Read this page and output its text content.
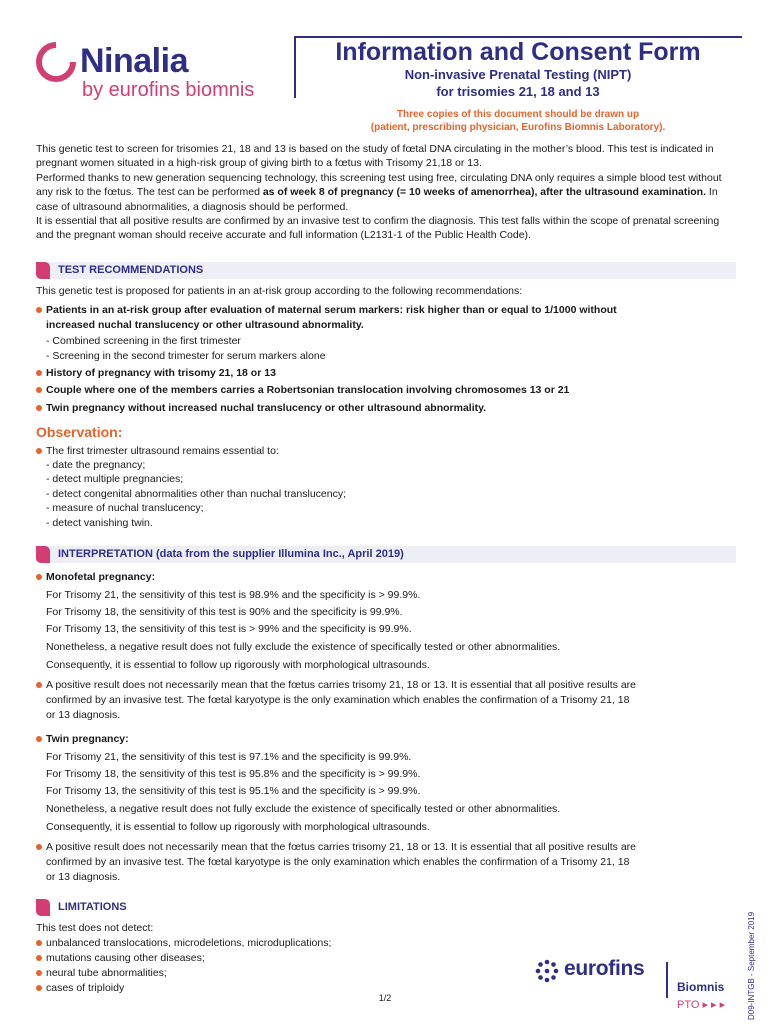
Ninalia
by eurofins biomnis
Information and Consent Form
Non-invasive Prenatal Testing (NIPT)
for trisomies 21, 18 and 13
Three copies of this document should be drawn up
(patient, prescribing physician, Eurofins Biomnis Laboratory).
This genetic test to screen for trisomies 21, 18 and 13 is based on the study of fœtal DNA circulating in the mother’s blood. This test is indicated in pregnant women situated in a high-risk group of giving birth to a fœtus with Trisomy 21,18 or 13.
Performed thanks to new generation sequencing technology, this screening test using free, circulating DNA only requires a simple blood test without any risk to the fœtus. The test can be performed as of week 8 of pregnancy (= 10 weeks of amenorrhea), after the ultrasound examination. In case of ultrasound abnormalities, a diagnosis should be performed.
It is essential that all positive results are confirmed by an invasive test to confirm the diagnosis. This test falls within the scope of prenatal screening and the pregnant woman should receive accurate and full information (L2131-1 of the Public Health Code).
TEST RECOMMENDATIONS
This genetic test is proposed for patients in an at-risk group according to the following recommendations:
Patients in an at-risk group after evaluation of maternal serum markers: risk higher than or equal to 1/1000 without
increased nuchal translucency or other ultrasound abnormality.
- Combined screening in the first trimester
- Screening in the second trimester for serum markers alone
History of pregnancy with trisomy 21, 18 or 13
Couple where one of the members carries a Robertsonian translocation involving chromosomes 13 or 21
Twin pregnancy without increased nuchal translucency or other ultrasound abnormality.
Observation:
The first trimester ultrasound remains essential to:
- date the pregnancy;
- detect multiple pregnancies;
- detect congenital abnormalities other than nuchal translucency;
- measure of nuchal translucency;
- detect vanishing twin.
INTERPRETATION (data from the supplier Illumina Inc., April 2019)
Monofetal pregnancy:
For Trisomy 21, the sensitivity of this test is 98.9% and the specificity is > 99.9%.
For Trisomy 18, the sensitivity of this test is 90% and the specificity is 99.9%.
For Trisomy 13, the sensitivity of this test is > 99% and the specificity is 99.9%.
Nonetheless, a negative result does not fully exclude the existence of specifically tested or other abnormalities.
Consequently, it is essential to follow up rigorously with morphological ultrasounds.
A positive result does not necessarily mean that the fœtus carries trisomy 21, 18 or 13. It is essential that all positive results are
confirmed by an invasive test. The fœtal karyotype is the only examination which enables the confirmation of a Trisomy 21, 18
or 13 diagnosis.
Twin pregnancy:
For Trisomy 21, the sensitivity of this test is 97.1% and the specificity is 99.9%.
For Trisomy 18, the sensitivity of this test is 95.8% and the specificity is > 99.9%.
For Trisomy 13, the sensitivity of this test is 95.1% and the specificity is > 99.9%.
Nonetheless, a negative result does not fully exclude the existence of specifically tested or other abnormalities.
Consequently, it is essential to follow up rigorously with morphological ultrasounds.
A positive result does not necessarily mean that the fœtus carries trisomy 21, 18 or 13. It is essential that all positive results are
confirmed by an invasive test. The fœtal karyotype is the only examination which enables the confirmation of a Trisomy 21, 18
or 13 diagnosis.
LIMITATIONS
This test does not detect:
unbalanced translocations, microdeletions, microduplications;
mutations causing other diseases;
neural tube abnormalities;
cases of triploidy
1/2	D09-INTGB - September 2019
eurofins
Biomnis
PTO ▸ ▸ ▸
